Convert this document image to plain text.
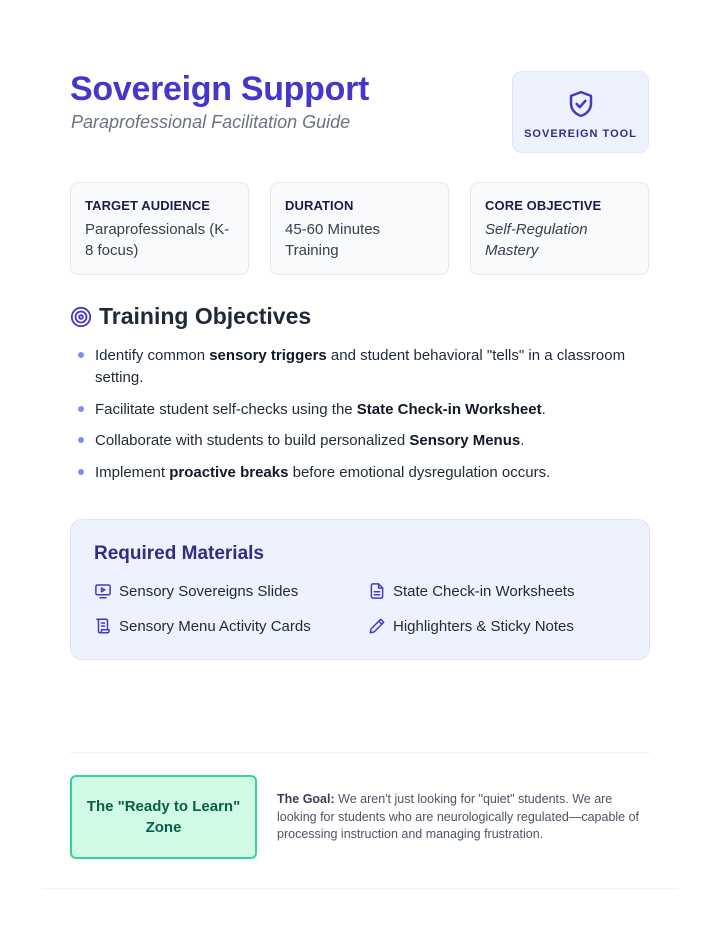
Sovereign Support
Paraprofessional Facilitation Guide
SOVEREIGN TOOL
TARGET AUDIENCE
Paraprofessionals (K-8 focus)
DURATION
45-60 Minutes Training
CORE OBJECTIVE
Self-Regulation Mastery
Training Objectives
Identify common sensory triggers and student behavioral "tells" in a classroom setting.
Facilitate student self-checks using the State Check-in Worksheet.
Collaborate with students to build personalized Sensory Menus.
Implement proactive breaks before emotional dysregulation occurs.
Required Materials
Sensory Sovereigns Slides	State Check-in Worksheets
Sensory Menu Activity Cards	Highlighters & Sticky Notes
The "Ready to Learn" Zone
The Goal: We aren't just looking for "quiet" students. We are looking for students who are neurologically regulated—capable of processing instruction and managing frustration.
